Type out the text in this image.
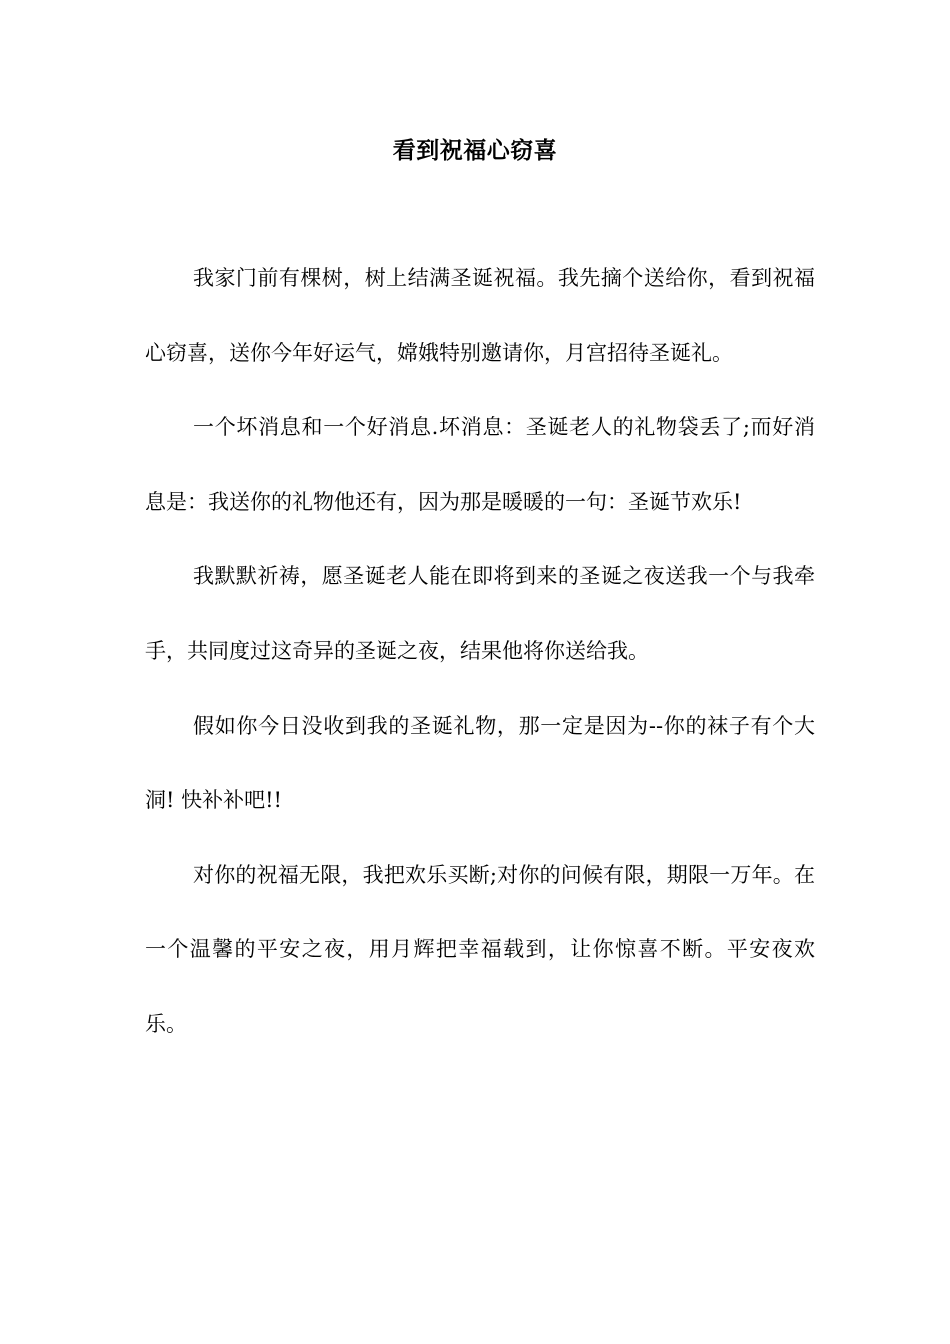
看到祝福心窃喜

我家门前有棵树，树上结满圣诞祝福。我先摘个送给你，看到祝福心窃喜，送你今年好运气，嫦娥特别邀请你，月宫招待圣诞礼。

一个坏消息和一个好消息.坏消息：圣诞老人的礼物袋丢了;而好消息是：我送你的礼物他还有，因为那是暖暖的一句：圣诞节欢乐!

我默默祈祷，愿圣诞老人能在即将到来的圣诞之夜送我一个与我牵手，共同度过这奇异的圣诞之夜，结果他将你送给我。

假如你今日没收到我的圣诞礼物，那一定是因为--你的袜子有个大洞! 快补补吧!!

对你的祝福无限，我把欢乐买断;对你的问候有限，期限一万年。在一个温馨的平安之夜，用月辉把幸福载到，让你惊喜不断。平安夜欢乐。
